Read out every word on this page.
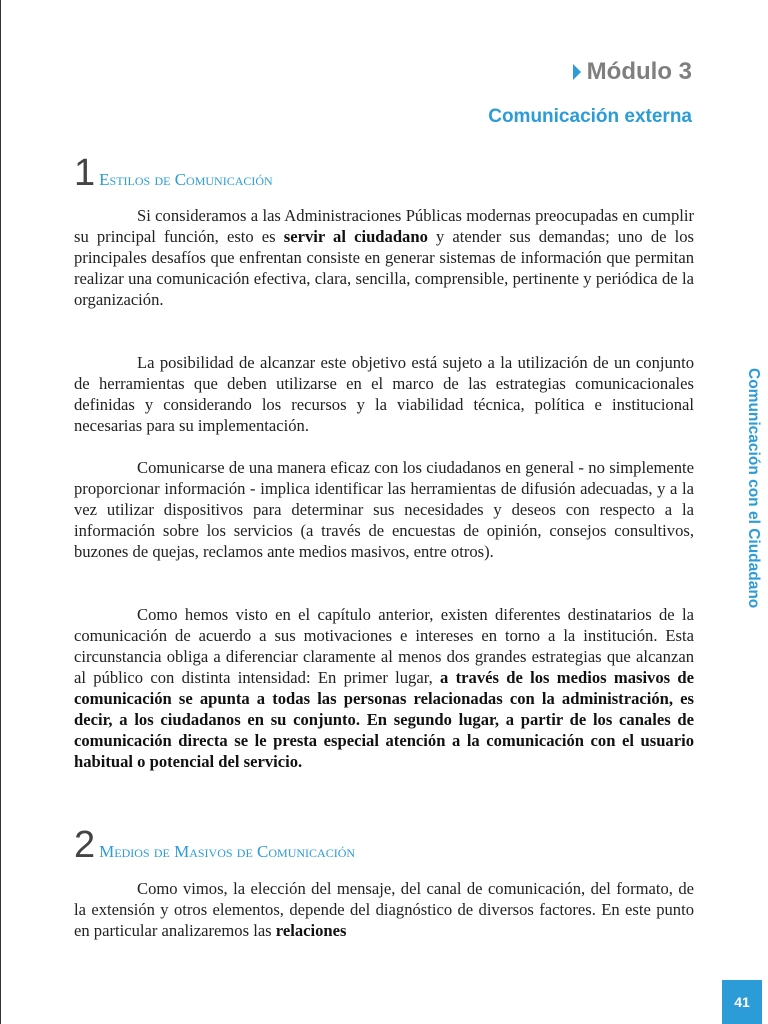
Módulo 3
Comunicación externa
Comunicación con el Ciudadano
1 Estilos de Comunicación

Si consideramos a las Administraciones Públicas modernas preocupadas en cumplir su principal función, esto es servir al ciudadano y atender sus demandas; uno de los principales desafíos que enfrentan consiste en generar sistemas de información que permitan realizar una comunicación efectiva, clara, sencilla, comprensible, pertinente y periódica de la organización.

La posibilidad de alcanzar este objetivo está sujeto a la utilización de un conjunto de herramientas que deben utilizarse en el marco de las estrategias comunicacionales definidas y considerando los recursos y la viabilidad técnica, política e institucional necesarias para su implementación.

Comunicarse de una manera eficaz con los ciudadanos en general - no simplemente proporcionar información - implica identificar las herramientas de difusión adecuadas, y a la vez utilizar dispositivos para determinar sus necesidades y deseos con respecto a la información sobre los servicios (a través de encuestas de opinión, consejos consultivos, buzones de quejas, reclamos ante medios masivos, entre otros).

Como hemos visto en el capítulo anterior, existen diferentes destinatarios de la comunicación de acuerdo a sus motivaciones e intereses en torno a la institución. Esta circunstancia obliga a diferenciar claramente al menos dos grandes estrategias que alcanzan al público con distinta intensidad: En primer lugar, a través de los medios masivos de comunicación se apunta a todas las personas relacionadas con la administración, es decir, a los ciudadanos en su conjunto. En segundo lugar, a partir de los canales de comunicación directa se le presta especial atención a la comunicación con el usuario habitual o potencial del servicio.

2 Medios de Masivos de Comunicación

Como vimos, la elección del mensaje, del canal de comunicación, del formato, de la extensión y otros elementos, depende del diagnóstico de diversos factores. En este punto en particular analizaremos las relaciones

41
